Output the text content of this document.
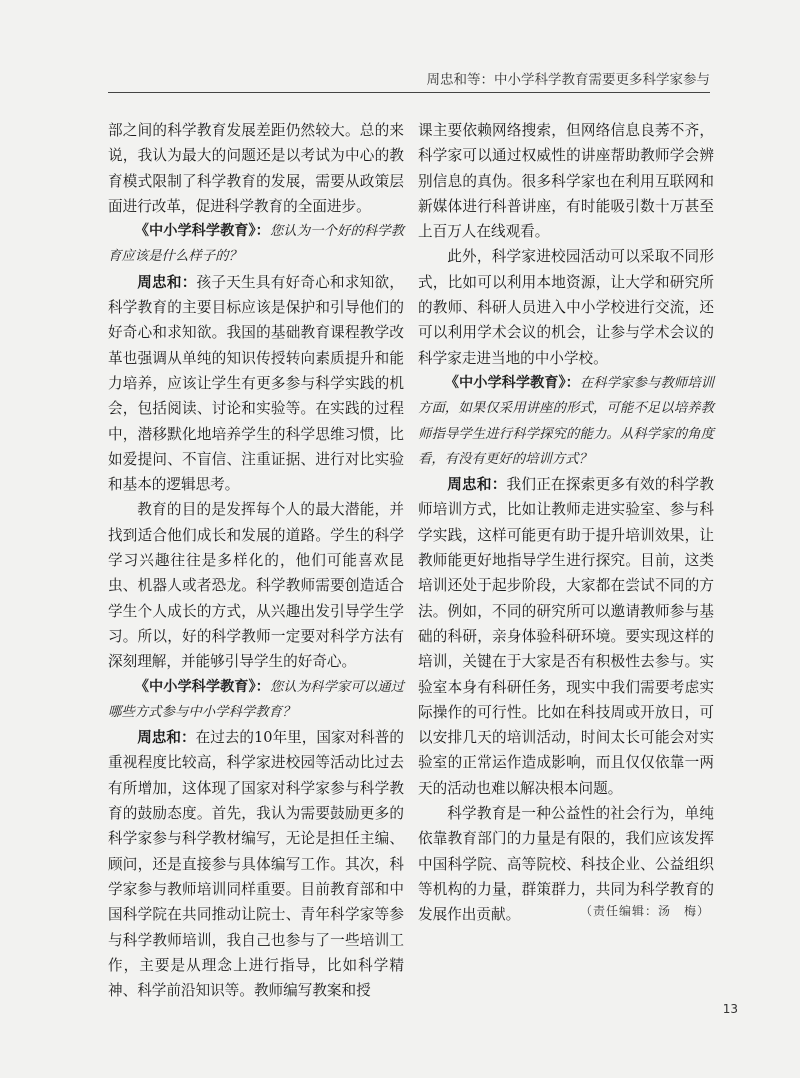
周忠和等：中小学科学教育需要更多科学家参与

部之间的科学教育发展差距仍然较大。总的来说，我认为最大的问题还是以考试为中心的教育模式限制了科学教育的发展，需要从政策层面进行改革，促进科学教育的全面进步。

《中小学科学教育》：您认为一个好的科学教育应该是什么样子的？

周忠和：孩子天生具有好奇心和求知欲，科学教育的主要目标应该是保护和引导他们的好奇心和求知欲。我国的基础教育课程教学改革也强调从单纯的知识传授转向素质提升和能力培养，应该让学生有更多参与科学实践的机会，包括阅读、讨论和实验等。在实践的过程中，潜移默化地培养学生的科学思维习惯，比如爱提问、不盲信、注重证据、进行对比实验和基本的逻辑思考。

教育的目的是发挥每个人的最大潜能，并找到适合他们成长和发展的道路。学生的科学学习兴趣往往是多样化的，他们可能喜欢昆虫、机器人或者恐龙。科学教师需要创造适合学生个人成长的方式，从兴趣出发引导学生学习。所以，好的科学教师一定要对科学方法有深刻理解，并能够引导学生的好奇心。

《中小学科学教育》：您认为科学家可以通过哪些方式参与中小学科学教育？

周忠和：在过去的10年里，国家对科普的重视程度比较高，科学家进校园等活动比过去有所增加，这体现了国家对科学家参与科学教育的鼓励态度。首先，我认为需要鼓励更多的科学家参与科学教材编写，无论是担任主编、顾问，还是直接参与具体编写工作。其次，科学家参与教师培训同样重要。目前教育部和中国科学院在共同推动让院士、青年科学家等参与科学教师培训，我自己也参与了一些培训工作，主要是从理念上进行指导，比如科学精神、科学前沿知识等。教师编写教案和授

课主要依赖网络搜索，但网络信息良莠不齐，科学家可以通过权威性的讲座帮助教师学会辨别信息的真伪。很多科学家也在利用互联网和新媒体进行科普讲座，有时能吸引数十万甚至上百万人在线观看。

此外，科学家进校园活动可以采取不同形式，比如可以利用本地资源，让大学和研究所的教师、科研人员进入中小学校进行交流，还可以利用学术会议的机会，让参与学术会议的科学家走进当地的中小学校。

《中小学科学教育》：在科学家参与教师培训方面，如果仅采用讲座的形式，可能不足以培养教师指导学生进行科学探究的能力。从科学家的角度看，有没有更好的培训方式？

周忠和：我们正在探索更多有效的科学教师培训方式，比如让教师走进实验室、参与科学实践，这样可能更有助于提升培训效果，让教师能更好地指导学生进行探究。目前，这类培训还处于起步阶段，大家都在尝试不同的方法。例如，不同的研究所可以邀请教师参与基础的科研，亲身体验科研环境。要实现这样的培训，关键在于大家是否有积极性去参与。实验室本身有科研任务，现实中我们需要考虑实际操作的可行性。比如在科技周或开放日，可以安排几天的培训活动，时间太长可能会对实验室的正常运作造成影响，而且仅仅依靠一两天的活动也难以解决根本问题。

科学教育是一种公益性的社会行为，单纯依靠教育部门的力量是有限的，我们应该发挥中国科学院、高等院校、科技企业、公益组织等机构的力量，群策群力，共同为科学教育的发展作出贡献。	（责任编辑：汤　梅）
13
